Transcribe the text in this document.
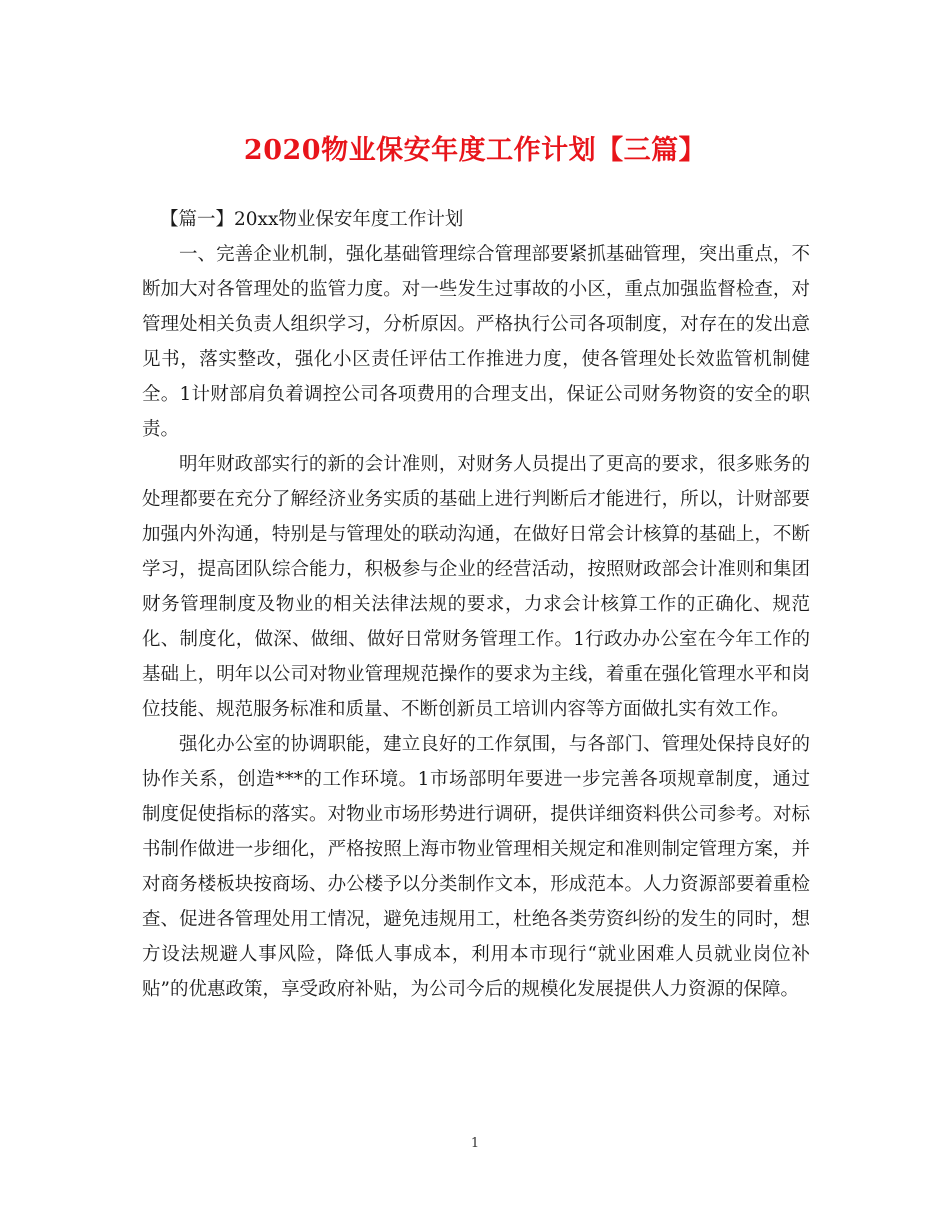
2020物业保安年度工作计划【三篇】

【篇一】20xx物业保安年度工作计划

一、完善企业机制，强化基础管理综合管理部要紧抓基础管理，突出重点，不断加大对各管理处的监管力度。对一些发生过事故的小区，重点加强监督检查，对管理处相关负责人组织学习，分析原因。严格执行公司各项制度，对存在的发出意见书，落实整改，强化小区责任评估工作推进力度，使各管理处长效监管机制健全。1计财部肩负着调控公司各项费用的合理支出，保证公司财务物资的安全的职责。

明年财政部实行的新的会计准则，对财务人员提出了更高的要求，很多账务的处理都要在充分了解经济业务实质的基础上进行判断后才能进行，所以，计财部要加强内外沟通，特别是与管理处的联动沟通，在做好日常会计核算的基础上，不断学习，提高团队综合能力，积极参与企业的经营活动，按照财政部会计准则和集团财务管理制度及物业的相关法律法规的要求，力求会计核算工作的正确化、规范化、制度化，做深、做细、做好日常财务管理工作。1行政办办公室在今年工作的基础上，明年以公司对物业管理规范操作的要求为主线，着重在强化管理水平和岗位技能、规范服务标准和质量、不断创新员工培训内容等方面做扎实有效工作。

强化办公室的协调职能，建立良好的工作氛围，与各部门、管理处保持良好的协作关系，创造***的工作环境。1市场部明年要进一步完善各项规章制度，通过制度促使指标的落实。对物业市场形势进行调研，提供详细资料供公司参考。对标书制作做进一步细化，严格按照上海市物业管理相关规定和准则制定管理方案，并对商务楼板块按商场、办公楼予以分类制作文本，形成范本。人力资源部要着重检查、促进各管理处用工情况，避免违规用工，杜绝各类劳资纠纷的发生的同时，想方设法规避人事风险，降低人事成本，利用本市现行“就业困难人员就业岗位补贴”的优惠政策，享受政府补贴，为公司今后的规模化发展提供人力资源的保障。

1
